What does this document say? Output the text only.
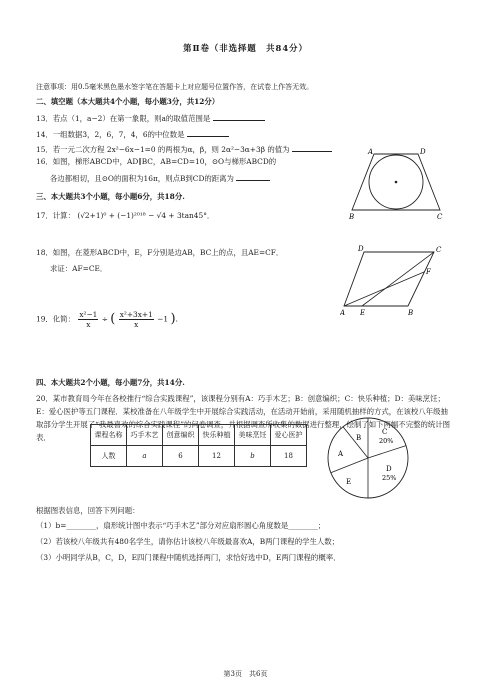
第Ⅱ卷（非选择题　共84分）
注意事项：用0.5毫米黑色墨水签字笔在答题卡上对应题号位置作答，在试卷上作答无效。
二、填空题（本大题共4个小题，每小题3分，共12分）
13．若点（1，a−2）在第一象限，则a的取值范围是
14．一组数据3，2，6，7，4，6的中位数是
15．若一元二次方程 2x²−6x−1=0 的两根为α，β，则 2α²−3α+3β 的值为
16．如图，梯形ABCD中，AD∥BC，AB=CD=10，⊙O与梯形ABCD的
各边都相切，且⊙O的面积为16π，则点B到CD的距离为
A	D
B	C
三、本大题共3个小题，每小题6分，共18分.
17．计算： (√2+1)⁰ + (−1)²⁰¹⁸ − √4 + 3tan45°．
18．如图，在菱形ABCD中，E，F分别是边AB，BC上的点，且AE=CF．
求证：AF=CE．
D	C
A E
F
B
19．化简： $\frac{\text{x²−1}}{x}$ ÷ ( $\frac{\text{x²+3x+1}}{x} -1$ ).
四、本大题共2个小题，每小题7分，共14分.
20．某市教育局今年在各校推行“综合实践课程”，该课程分别有A：巧手木艺；B：创意编织；C：快乐种植；D：美味烹饪；E：爱心医护等五门课程．某校准备在八年级学生中开展综合实践活动，在活动开始前，采用随机抽样的方式，在该校八年级抽取部分学生开展了“我最喜欢的综合实践课程”的问卷调查，并根据调查所收集的数据进行整理，绘制了如下两幅不完整的统计图表．	课程名称	巧手木艺	创意编织	快乐种植	美味烹饪	爱心医护
人数	a	6	12	b	18
C
20%
D
25%
B
A
E
根据图表信息，回答下列问题：
（1）b=________，扇形统计图中表示“巧手木艺”部分对应扇形圆心角度数是________；
（2）若该校八年级共有480名学生，请你估计该校八年级最喜欢A，B两门课程的学生人数；
（3）小明同学从B，C，D，E四门课程中随机选择两门，求恰好选中D，E两门课程的概率．
第3页　共6页
